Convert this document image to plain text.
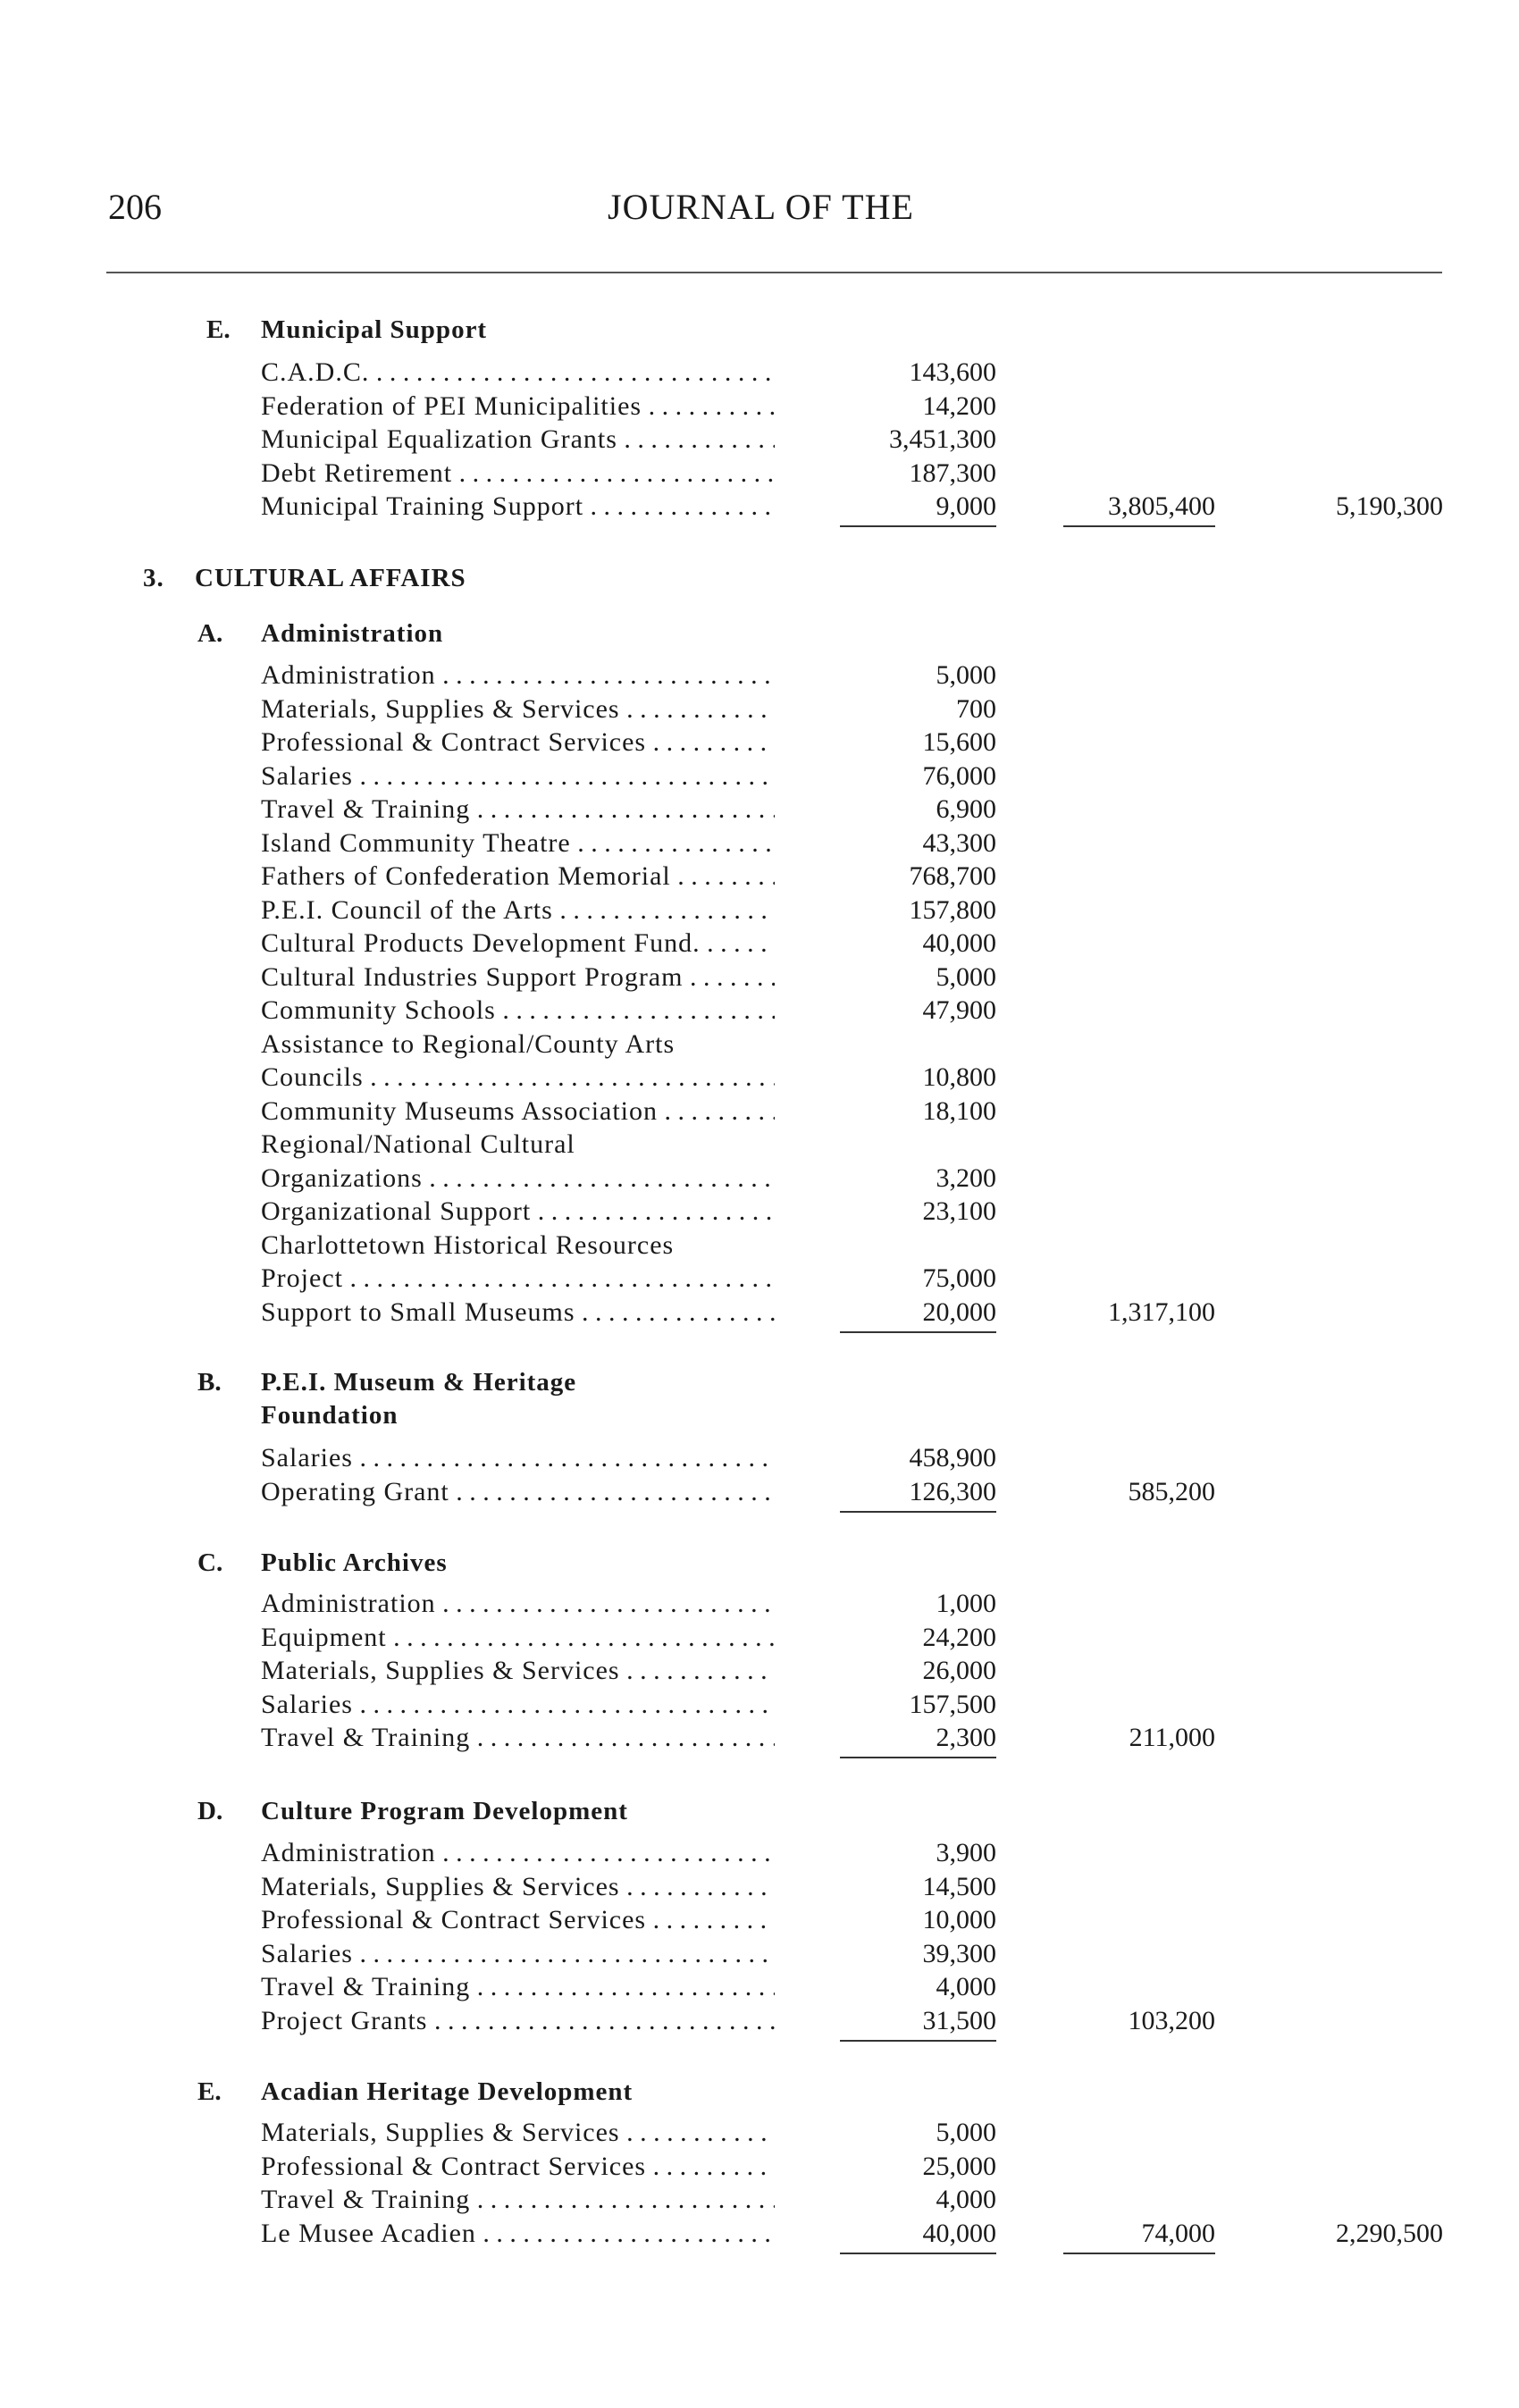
206	JOURNAL OF THE
E. Municipal Support
C.A.D.C. . . .	143,600
Federation of PEI Municipalities . . .	14,200
Municipal Equalization Grants . . .	3,451,300
Debt Retirement . . .	187,300
Municipal Training Support . . .	9,000	3,805,400	5,190,300
3. CULTURAL AFFAIRS
A. Administration
Administration . . .	5,000
Materials, Supplies & Services . . .	700
Professional & Contract Services . . .	15,600
Salaries . . .	76,000
Travel & Training . . .	6,900
Island Community Theatre . . .	43,300
Fathers of Confederation Memorial . . .	768,700
P.E.I. Council of the Arts . . .	157,800
Cultural Products Development Fund. . . .	40,000
Cultural Industries Support Program . . .	5,000
Community Schools . . .	47,900
Assistance to Regional/County Arts
Councils . . .	10,800
Community Museums Association . . .	18,100
Regional/National Cultural
Organizations . . .	3,200
Organizational Support . . .	23,100
Charlottetown Historical Resources
Project . . .	75,000
Support to Small Museums . . .	20,000	1,317,100
B. P.E.I. Museum & Heritage
Foundation
Salaries . . .	458,900
Operating Grant . . .	126,300	585,200
C. Public Archives
Administration . . .	1,000
Equipment . . .	24,200
Materials, Supplies & Services . . .	26,000
Salaries . . .	157,500
Travel & Training . . .	2,300	211,000
D. Culture Program Development
Administration . . .	3,900
Materials, Supplies & Services . . .	14,500
Professional & Contract Services . . .	10,000
Salaries . . .	39,300
Travel & Training . . .	4,000
Project Grants . . .	31,500	103,200
E. Acadian Heritage Development
Materials, Supplies & Services . . .	5,000
Professional & Contract Services . . .	25,000
Travel & Training . . .	4,000
Le Musee Acadien . . .	40,000	74,000	2,290,500
